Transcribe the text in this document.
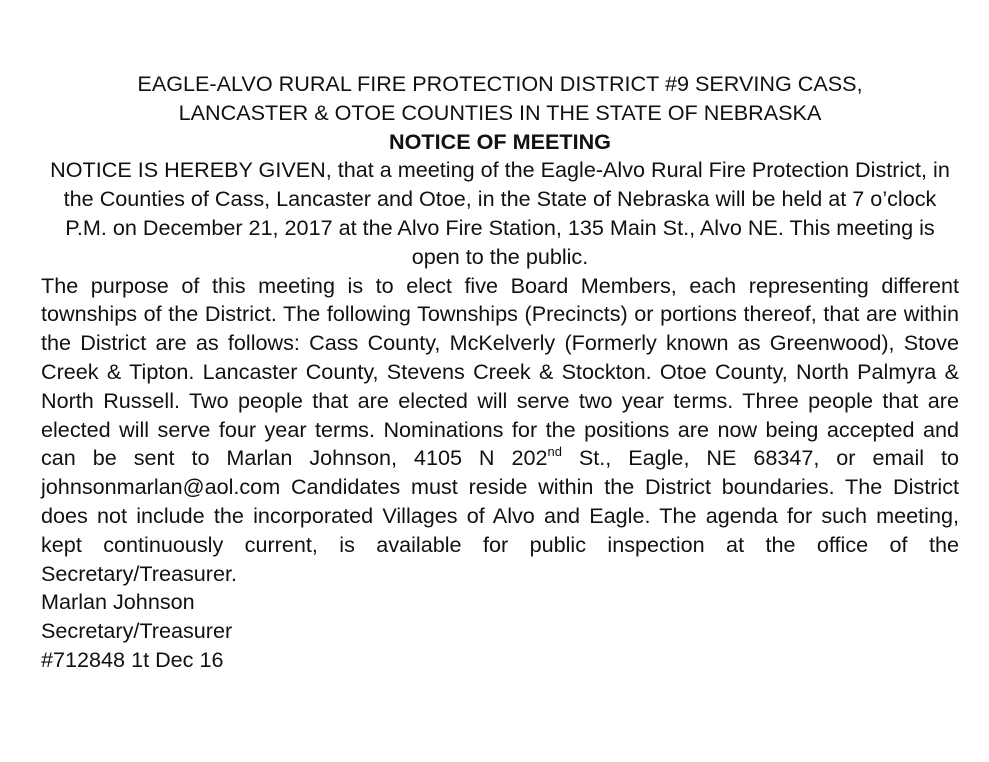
EAGLE-ALVO RURAL FIRE PROTECTION DISTRICT #9 SERVING CASS,

LANCASTER & OTOE COUNTIES IN THE STATE OF NEBRASKA

NOTICE OF MEETING

NOTICE IS HEREBY GIVEN, that a meeting of the Eagle-Alvo Rural Fire Protection District, in the Counties of Cass, Lancaster and Otoe, in the State of Nebraska will be held at 7 o’clock P.M. on December 21, 2017 at the Alvo Fire Station, 135 Main St., Alvo NE. This meeting is open to the public.

The purpose of this meeting is to elect five Board Members, each representing different townships of the District. The following Townships (Precincts) or portions thereof, that are within the District are as follows: Cass County, McKelverly (Formerly known as Greenwood), Stove Creek & Tipton. Lancaster County, Stevens Creek & Stockton. Otoe County, North Palmyra & North Russell. Two people that are elected will serve two year terms. Three people that are elected will serve four year terms. Nominations for the positions are now being accepted and can be sent to Marlan Johnson, 4105 N 202nd St., Eagle, NE 68347, or email to johnsonmarlan@aol.com Candidates must reside within the District boundaries. The District does not include the incorporated Villages of Alvo and Eagle. The agenda for such meeting, kept continuously current, is available for public inspection at the office of the Secretary/Treasurer.

Marlan Johnson

Secretary/Treasurer

#712848 1t Dec 16
